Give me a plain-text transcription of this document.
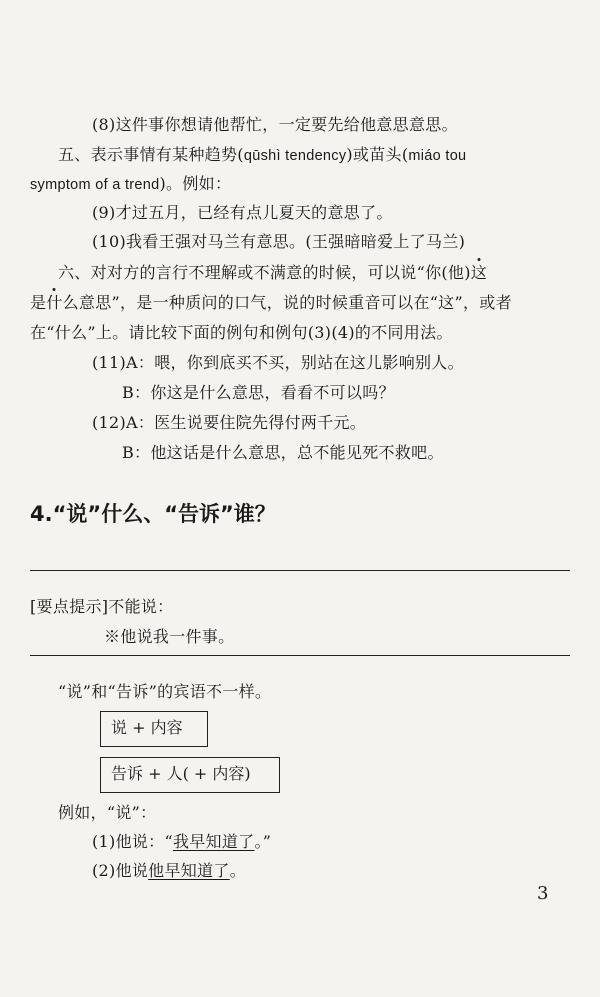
(8)这件事你想请他帮忙，一定要先给他意思意思。
五、表示事情有某种趋势(qūshì tendency)或苗头(miáo tou
symptom of a trend)。例如：
(9)才过五月，已经有点儿夏天的意思了。
(10)我看王强对马兰有意思。(王强暗暗爱上了马兰)
六、对对方的言行不理解或不满意的时候，可以说“你(他)这
是什么意思”，是一种质问的口气，说的时候重音可以在“这”，或者
在“什么”上。请比较下面的例句和例句(3)(4)的不同用法。
(11)A：喂，你到底买不买，别站在这儿影响别人。
B：你这是什么意思，看看不可以吗？
(12)A：医生说要住院先得付两千元。
B：他这话是什么意思，总不能见死不救吧。
4.“说”什么、“告诉”谁？
[要点提示]不能说：
※他说我一件事。
“说”和“告诉”的宾语不一样。
说 + 内容
告诉 + 人( + 内容)
例如，“说”：
(1)他说：“我早知道了。”
(2)他说他早知道了。
3
